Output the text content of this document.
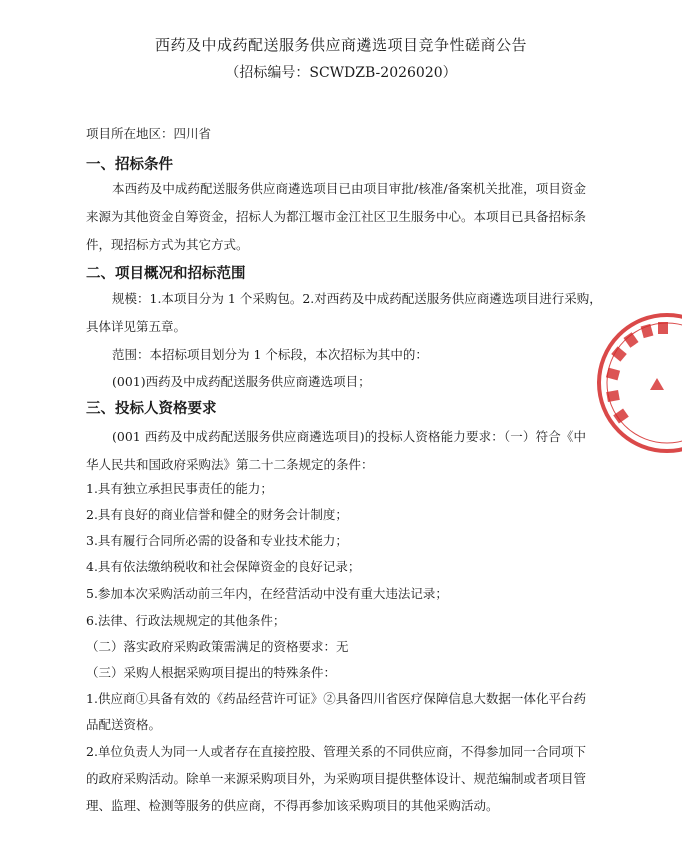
西药及中成药配送服务供应商遴选项目竞争性磋商公告
（招标编号：SCWDZB-2026020）
项目所在地区：四川省
一、招标条件
本西药及中成药配送服务供应商遴选项目已由项目审批/核准/备案机关批准，项目资金
来源为其他资金自筹资金，招标人为都江堰市金江社区卫生服务中心。本项目已具备招标条
件，现招标方式为其它方式。
二、项目概况和招标范围
规模：1.本项目分为 1 个采购包。2.对西药及中成药配送服务供应商遴选项目进行采购，
具体详见第五章。
范围：本招标项目划分为 1 个标段，本次招标为其中的：
(001)西药及中成药配送服务供应商遴选项目；
三、投标人资格要求
(001 西药及中成药配送服务供应商遴选项目)的投标人资格能力要求：（一）符合《中
华人民共和国政府采购法》第二十二条规定的条件：
1.具有独立承担民事责任的能力；
2.具有良好的商业信誉和健全的财务会计制度；
3.具有履行合同所必需的设备和专业技术能力；
4.具有依法缴纳税收和社会保障资金的良好记录；
5.参加本次采购活动前三年内，在经营活动中没有重大违法记录；
6.法律、行政法规规定的其他条件；
（二）落实政府采购政策需满足的资格要求：无
（三）采购人根据采购项目提出的特殊条件：
1.供应商①具备有效的《药品经营许可证》②具备四川省医疗保障信息大数据一体化平台药
品配送资格。
2.单位负责人为同一人或者存在直接控股、管理关系的不同供应商，不得参加同一合同项下
的政府采购活动。除单一来源采购项目外，为采购项目提供整体设计、规范编制或者项目管
理、监理、检测等服务的供应商，不得再参加该采购项目的其他采购活动。
